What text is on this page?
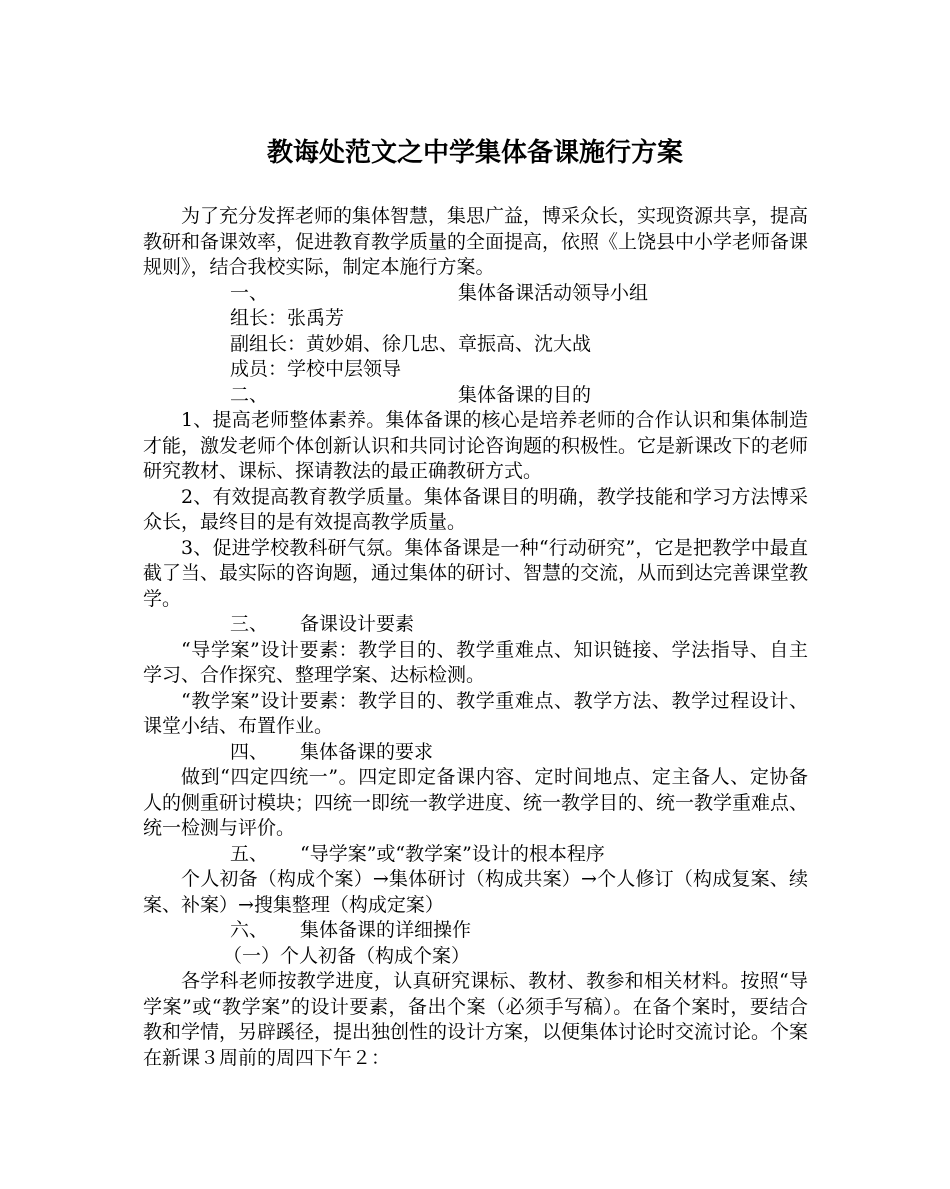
教诲处范文之中学集体备课施行方案

为了充分发挥老师的集体智慧，集思广益，博采众长，实现资源共享，提高教研和备课效率，促进教育教学质量的全面提高，依照《上饶县中小学老师备课规则》，结合我校实际，制定本施行方案。

一、	集体备课活动领导小组

组长：张禹芳

副组长：黄妙娟、徐几忠、章振高、沈大战

成员：学校中层领导

二、	集体备课的目的

1、提高老师整体素养。集体备课的核心是培养老师的合作认识和集体制造才能，激发老师个体创新认识和共同讨论咨询题的积极性。它是新课改下的老师研究教材、课标、探请教法的最正确教研方式。

2、有效提高教育教学质量。集体备课目的明确，教学技能和学习方法博采众长，最终目的是有效提高教学质量。

3、促进学校教科研气氛。集体备课是一种“行动研究”，它是把教学中最直截了当、最实际的咨询题，通过集体的研讨、智慧的交流，从而到达完善课堂教学。

三、 备课设计要素

“导学案”设计要素：教学目的、教学重难点、知识链接、学法指导、自主学习、合作探究、整理学案、达标检测。

“教学案”设计要素：教学目的、教学重难点、教学方法、教学过程设计、课堂小结、布置作业。

四、 集体备课的要求

做到“四定四统一”。四定即定备课内容、定时间地点、定主备人、定协备人的侧重研讨模块；四统一即统一教学进度、统一教学目的、统一教学重难点、统一检测与评价。

五、 “导学案”或“教学案”设计的根本程序

个人初备（构成个案）→集体研讨（构成共案）→个人修订（构成复案、续案、补案）→搜集整理（构成定案）

六、 集体备课的详细操作

（一）个人初备（构成个案）

各学科老师按教学进度，认真研究课标、教材、教参和相关材料。按照“导学案”或“教学案”的设计要素，备出个案（必须手写稿）。在备个案时，要结合教和学情，另辟蹊径，提出独创性的设计方案，以便集体讨论时交流讨论。个案在新课３周前的周四下午２：
